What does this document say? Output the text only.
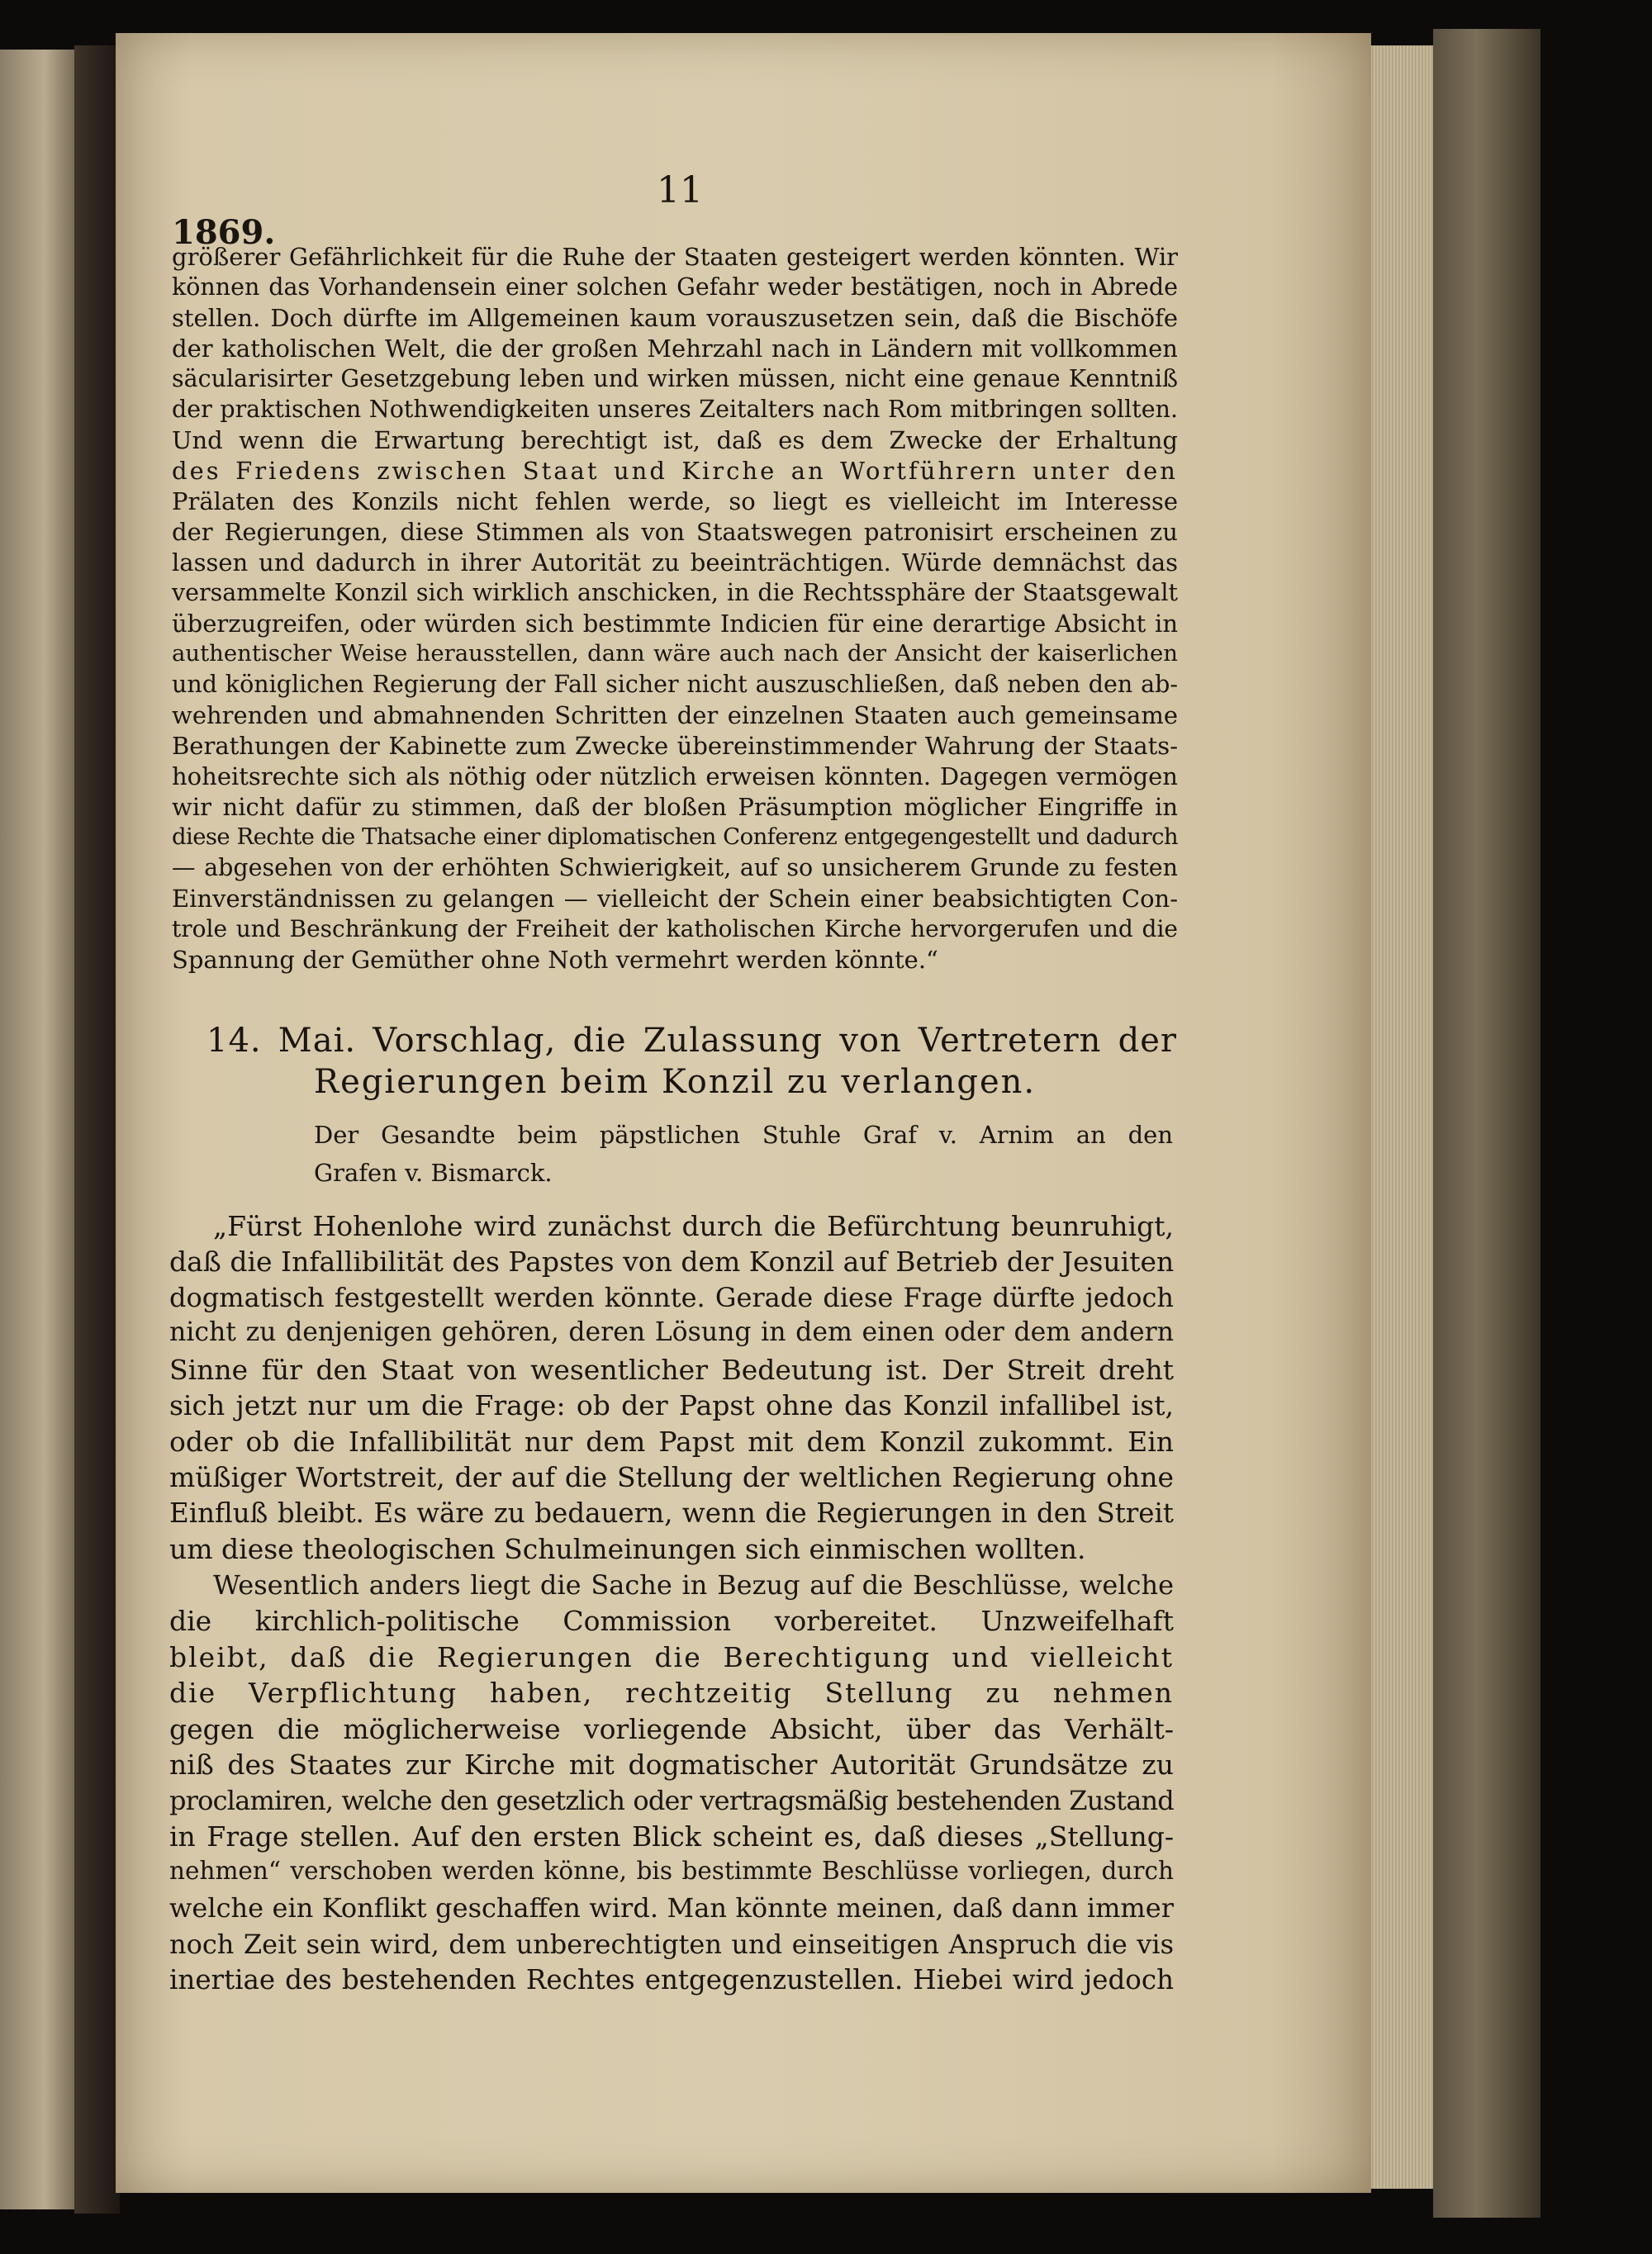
11
1869.
größerer Gefährlichkeit für die Ruhe der Staaten gesteigert werden könnten. Wir
können das Vorhandensein einer solchen Gefahr weder bestätigen, noch in Abrede
stellen. Doch dürfte im Allgemeinen kaum vorauszusetzen sein, daß die Bischöfe
der katholischen Welt, die der großen Mehrzahl nach in Ländern mit vollkommen
säcularisirter Gesetzgebung leben und wirken müssen, nicht eine genaue Kenntniß
der praktischen Nothwendigkeiten unseres Zeitalters nach Rom mitbringen sollten.
Und wenn die Erwartung berechtigt ist, daß es dem Zwecke der Erhaltung
des Friedens zwischen Staat und Kirche an Wortführern unter den
Prälaten des Konzils nicht fehlen werde, so liegt es vielleicht im Interesse
der Regierungen, diese Stimmen als von Staatswegen patronisirt erscheinen zu
lassen und dadurch in ihrer Autorität zu beeinträchtigen. Würde demnächst das
versammelte Konzil sich wirklich anschicken, in die Rechtssphäre der Staatsgewalt
überzugreifen, oder würden sich bestimmte Indicien für eine derartige Absicht in
authentischer Weise herausstellen, dann wäre auch nach der Ansicht der kaiserlichen
und königlichen Regierung der Fall sicher nicht auszuschließen, daß neben den ab-
wehrenden und abmahnenden Schritten der einzelnen Staaten auch gemeinsame
Berathungen der Kabinette zum Zwecke übereinstimmender Wahrung der Staats-
hoheitsrechte sich als nöthig oder nützlich erweisen könnten. Dagegen vermögen
wir nicht dafür zu stimmen, daß der bloßen Präsumption möglicher Eingriffe in
diese Rechte die Thatsache einer diplomatischen Conferenz entgegengestellt und dadurch
— abgesehen von der erhöhten Schwierigkeit, auf so unsicherem Grunde zu festen
Einverständnissen zu gelangen — vielleicht der Schein einer beabsichtigten Con-
trole und Beschränkung der Freiheit der katholischen Kirche hervorgerufen und die
Spannung der Gemüther ohne Noth vermehrt werden könnte.“
14. Mai. Vorschlag, die Zulassung von Vertretern der
Regierungen beim Konzil zu verlangen.
Der Gesandte beim päpstlichen Stuhle Graf v. Arnim an den
Grafen v. Bismarck.
„Fürst Hohenlohe wird zunächst durch die Befürchtung beunruhigt,
daß die Infallibilität des Papstes von dem Konzil auf Betrieb der Jesuiten
dogmatisch festgestellt werden könnte. Gerade diese Frage dürfte jedoch
nicht zu denjenigen gehören, deren Lösung in dem einen oder dem andern
Sinne für den Staat von wesentlicher Bedeutung ist. Der Streit dreht
sich jetzt nur um die Frage: ob der Papst ohne das Konzil infallibel ist,
oder ob die Infallibilität nur dem Papst mit dem Konzil zukommt. Ein
müßiger Wortstreit, der auf die Stellung der weltlichen Regierung ohne
Einfluß bleibt. Es wäre zu bedauern, wenn die Regierungen in den Streit
um diese theologischen Schulmeinungen sich einmischen wollten.
Wesentlich anders liegt die Sache in Bezug auf die Beschlüsse, welche
die kirchlich-politische Commission vorbereitet. Unzweifelhaft
bleibt, daß die Regierungen die Berechtigung und vielleicht
die Verpflichtung haben, rechtzeitig Stellung zu nehmen
gegen die möglicherweise vorliegende Absicht, über das Verhält-
niß des Staates zur Kirche mit dogmatischer Autorität Grundsätze zu
proclamiren, welche den gesetzlich oder vertragsmäßig bestehenden Zustand
in Frage stellen. Auf den ersten Blick scheint es, daß dieses „Stellung-
nehmen“ verschoben werden könne, bis bestimmte Beschlüsse vorliegen, durch
welche ein Konflikt geschaffen wird. Man könnte meinen, daß dann immer
noch Zeit sein wird, dem unberechtigten und einseitigen Anspruch die vis
inertiae des bestehenden Rechtes entgegenzustellen. Hiebei wird jedoch
